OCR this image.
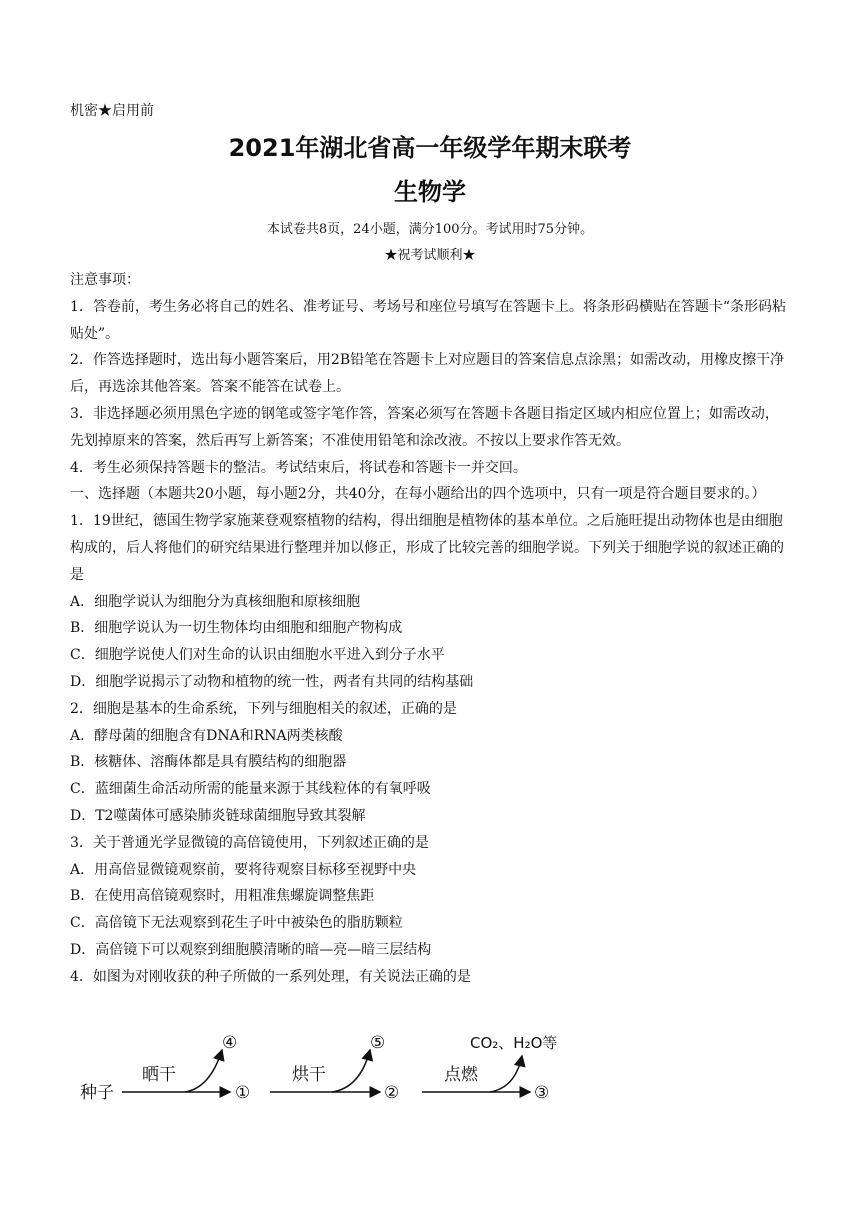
机密★启用前
2021年湖北省高一年级学年期末联考
生物学
本试卷共8页，24小题，满分100分。考试用时75分钟。
★祝考试顺利★

注意事项：

1．答卷前，考生务必将自己的姓名、准考证号、考场号和座位号填写在答题卡上。将条形码横贴在答题卡“条形码粘贴处”。

2．作答选择题时，选出每小题答案后，用2B铅笔在答题卡上对应题目的答案信息点涂黑；如需改动，用橡皮擦干净后，再选涂其他答案。答案不能答在试卷上。

3．非选择题必须用黑色字迹的钢笔或签字笔作答，答案必须写在答题卡各题目指定区域内相应位置上；如需改动，先划掉原来的答案，然后再写上新答案；不准使用铅笔和涂改液。不按以上要求作答无效。

4．考生必须保持答题卡的整洁。考试结束后，将试卷和答题卡一并交回。

一、选择题（本题共20小题，每小题2分，共40分，在每小题给出的四个选项中，只有一项是符合题目要求的。）

1．19世纪，德国生物学家施莱登观察植物的结构，得出细胞是植物体的基本单位。之后施旺提出动物体也是由细胞构成的，后人将他们的研究结果进行整理并加以修正，形成了比较完善的细胞学说。下列关于细胞学说的叙述正确的是

A．细胞学说认为细胞分为真核细胞和原核细胞

B．细胞学说认为一切生物体均由细胞和细胞产物构成

C．细胞学说使人们对生命的认识由细胞水平进入到分子水平

D．细胞学说揭示了动物和植物的统一性，两者有共同的结构基础

2．细胞是基本的生命系统，下列与细胞相关的叙述，正确的是

A．酵母菌的细胞含有DNA和RNA两类核酸

B．核糖体、溶酶体都是具有膜结构的细胞器

C．蓝细菌生命活动所需的能量来源于其线粒体的有氧呼吸

D．T2噬菌体可感染肺炎链球菌细胞导致其裂解

3．关于普通光学显微镜的高倍镜使用，下列叙述正确的是

A．用高倍显微镜观察前，要将待观察目标移至视野中央

B．在使用高倍镜观察时，用粗准焦螺旋调整焦距

C．高倍镜下无法观察到花生子叶中被染色的脂肪颗粒

D．高倍镜下可以观察到细胞膜清晰的暗—亮—暗三层结构

4．如图为对刚收获的种子所做的一系列处理，有关说法正确的是

种子
晒干
④
①
烘干
⑤
②
点燃
CO₂、H₂O等
③
